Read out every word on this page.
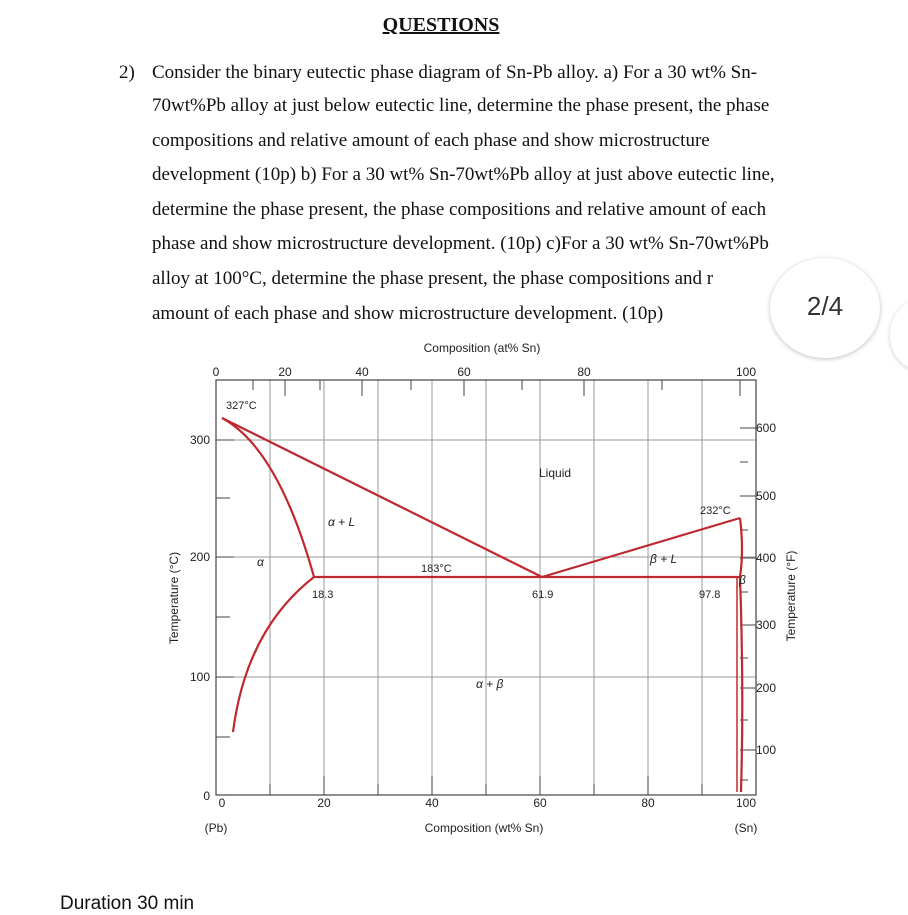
QUESTIONS
2) Consider the binary eutectic phase diagram of Sn-Pb alloy. a) For a 30 wt% Sn-
70wt%Pb alloy at just below eutectic line, determine the phase present, the phase
compositions and relative amount of each phase and show microstructure
development (10p) b) For a 30 wt% Sn-70wt%Pb alloy at just above eutectic line,
determine the phase present, the phase compositions and relative amount of each
phase and show microstructure development. (10p) c)For a 30 wt% Sn-70wt%Pb
alloy at 100°C, determine the phase present, the phase compositions and r
amount of each phase and show microstructure development. (10p)
Composition (at% Sn)
0	20	40	60	80	100
0
100
200
300
100
200
300
400
500
600
0	20	40	60	80	100
(Pb)	(Sn)
Composition (wt% Sn)
Temperature (°C)	Temperature (°F)
327°C
232°C
183°C
18.3	61.9	97.8
Liquid
α + L
α	β + L
β
α + β
2/4
Duration 30 min
